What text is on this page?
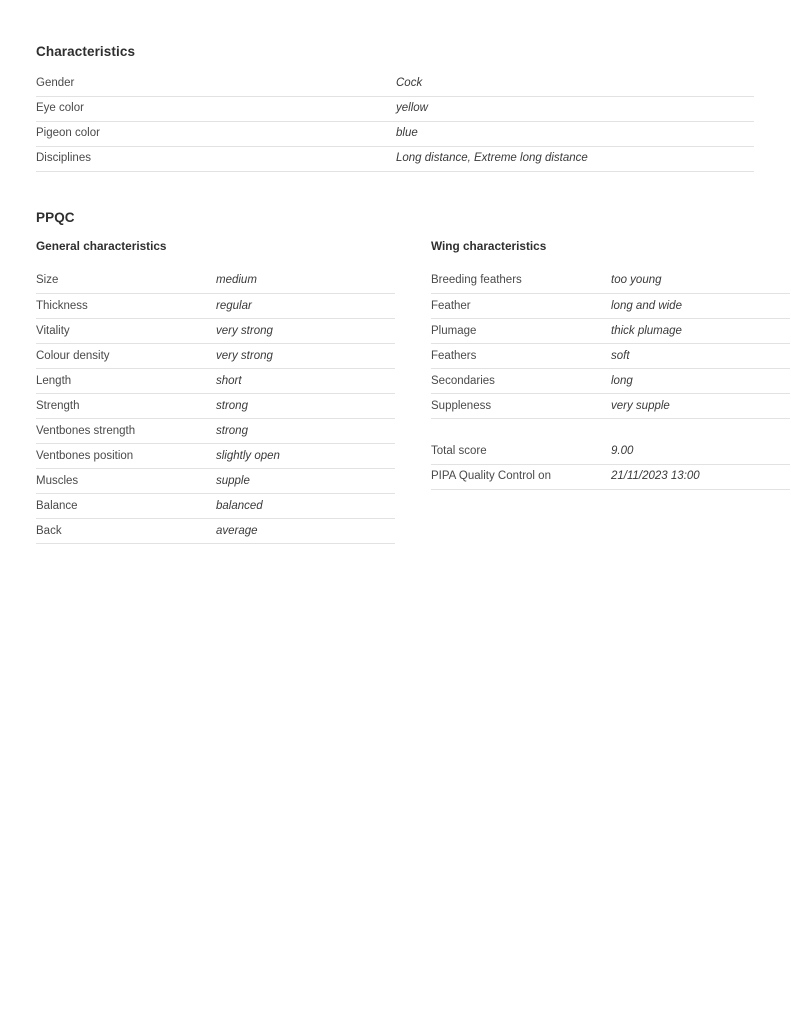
Characteristics
Gender	Cock
Eye color	yellow
Pigeon color	blue
Disciplines	Long distance, Extreme long distance
PPQC
General characteristics
Size	medium
Thickness	regular
Vitality	very strong
Colour density	very strong
Length	short
Strength	strong
Ventbones strength	strong
Ventbones position	slightly open
Muscles	supple
Balance	balanced
Back	average
Wing characteristics
Breeding feathers	too young
Feather	long and wide
Plumage	thick plumage
Feathers	soft
Secondaries	long
Suppleness	very supple
Total score	9.00
PIPA Quality Control on	21/11/2023 13:00
